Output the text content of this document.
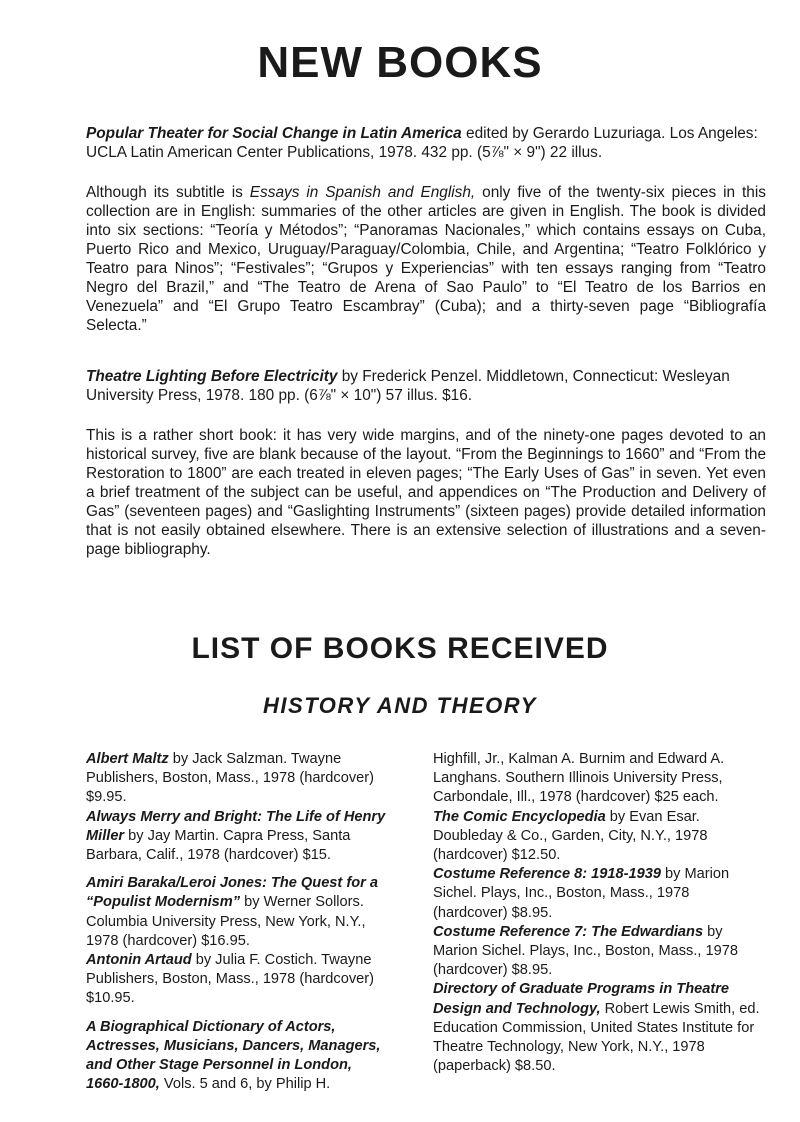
NEW BOOKS

Popular Theater for Social Change in Latin America edited by Gerardo Luzuriaga. Los Angeles: UCLA Latin American Center Publications, 1978. 432 pp. (5⅞" × 9") 22 illus.

Although its subtitle is Essays in Spanish and English, only five of the twenty-six pieces in this collection are in English: summaries of the other articles are given in English. The book is divided into six sections: “Teoría y Métodos”; “Panoramas Nacionales,” which contains essays on Cuba, Puerto Rico and Mexico, Uruguay/Paraguay/Colombia, Chile, and Argentina; “Teatro Folklórico y Teatro para Ninos”; “Festivales”; “Grupos y Experiencias” with ten essays ranging from “Teatro Negro del Brazil,” and “The Teatro de Arena of Sao Paulo” to “El Teatro de los Barrios en Venezuela” and “El Grupo Teatro Escambray” (Cuba); and a thirty-seven page “Bibliografía Selecta.”

Theatre Lighting Before Electricity by Frederick Penzel. Middletown, Connecticut: Wesleyan University Press, 1978. 180 pp. (6⅞" × 10") 57 illus. $16.

This is a rather short book: it has very wide margins, and of the ninety-one pages devoted to an historical survey, five are blank because of the layout. “From the Beginnings to 1660” and “From the Restoration to 1800” are each treated in eleven pages; “The Early Uses of Gas” in seven. Yet even a brief treatment of the subject can be useful, and appendices on “The Production and Delivery of Gas” (seventeen pages) and “Gaslighting Instruments” (sixteen pages) provide detailed information that is not easily obtained elsewhere. There is an extensive selection of illustrations and a seven-page bibliography.

LIST OF BOOKS RECEIVED
HISTORY AND THEORY

Albert Maltz by Jack Salzman. Twayne Publishers, Boston, Mass., 1978 (hardcover) $9.95.

Always Merry and Bright: The Life of Henry Miller by Jay Martin. Capra Press, Santa Barbara, Calif., 1978 (hardcover) $15.

Amiri Baraka/Leroi Jones: The Quest for a “Populist Modernism” by Werner Sollors. Columbia University Press, New York, N.Y., 1978 (hardcover) $16.95.

Antonin Artaud by Julia F. Costich. Twayne Publishers, Boston, Mass., 1978 (hardcover) $10.95.

A Biographical Dictionary of Actors, Actresses, Musicians, Dancers, Managers, and Other Stage Personnel in London, 1660-1800, Vols. 5 and 6, by Philip H.

Highfill, Jr., Kalman A. Burnim and Edward A. Langhans. Southern Illinois University Press, Carbondale, Ill., 1978 (hardcover) $25 each.

The Comic Encyclopedia by Evan Esar. Doubleday & Co., Garden, City, N.Y., 1978 (hardcover) $12.50.

Costume Reference 8: 1918-1939 by Marion Sichel. Plays, Inc., Boston, Mass., 1978 (hardcover) $8.95.

Costume Reference 7: The Edwardians by Marion Sichel. Plays, Inc., Boston, Mass., 1978 (hardcover) $8.95.

Directory of Graduate Programs in Theatre Design and Technology, Robert Lewis Smith, ed. Education Commission, United States Institute for Theatre Technology, New York, N.Y., 1978 (paperback) $8.50.
